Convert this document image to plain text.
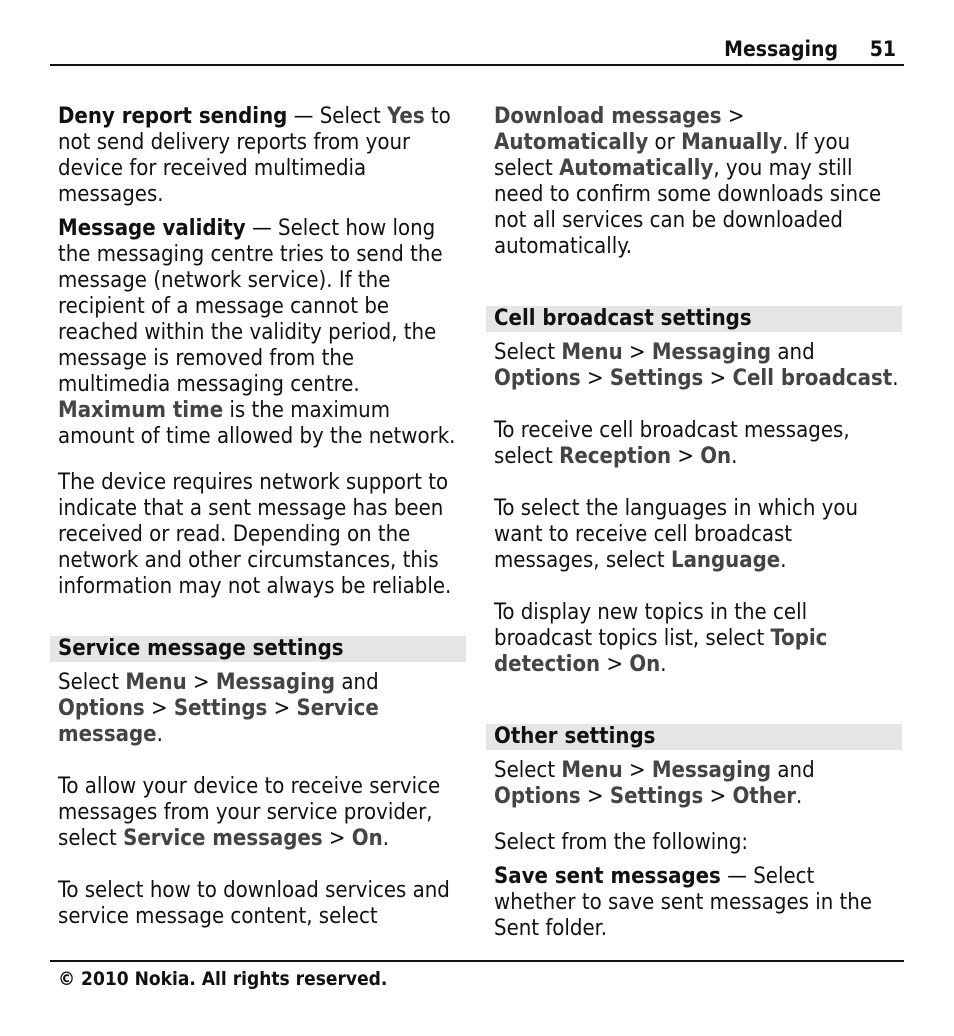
Messaging 51

Deny report sending — Select Yes to not send delivery reports from your device for received multimedia messages.

Message validity — Select how long the messaging centre tries to send the message (network service). If the recipient of a message cannot be reached within the validity period, the message is removed from the multimedia messaging centre. Maximum time is the maximum amount of time allowed by the network.

The device requires network support to indicate that a sent message has been received or read. Depending on the network and other circumstances, this information may not always be reliable.

Service message settings

Select Menu > Messaging and Options > Settings > Service message.

To allow your device to receive service messages from your service provider, select Service messages > On.

To select how to download services and service message content, select

Download messages > Automatically or Manually. If you select Automatically, you may still need to confirm some downloads since not all services can be downloaded automatically.

Cell broadcast settings

Select Menu > Messaging and Options > Settings > Cell broadcast.

To receive cell broadcast messages, select Reception > On.

To select the languages in which you want to receive cell broadcast messages, select Language.

To display new topics in the cell broadcast topics list, select Topic detection > On.

Other settings

Select Menu > Messaging and Options > Settings > Other.

Select from the following:

Save sent messages — Select whether to save sent messages in the Sent folder.

© 2010 Nokia. All rights reserved.
